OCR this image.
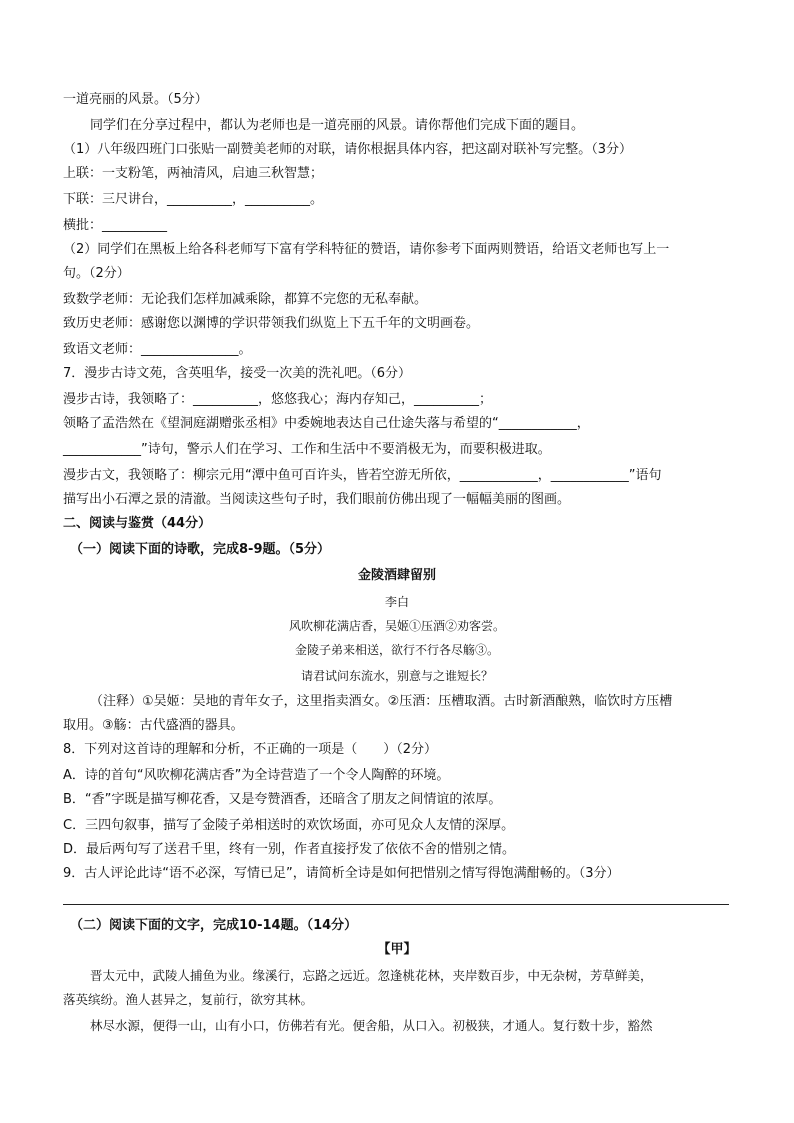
一道亮丽的风景。（5分）
同学们在分享过程中，都认为老师也是一道亮丽的风景。请你帮他们完成下面的题目。
（1）八年级四班门口张贴一副赞美老师的对联，请你根据具体内容，把这副对联补写完整。（3分）
上联：一支粉笔，两袖清风，启迪三秋智慧；
下联：三尺讲台，__________，__________。
横批：__________
（2）同学们在黑板上给各科老师写下富有学科特征的赞语，请你参考下面两则赞语，给语文老师也写上一
句。（2分）
致数学老师：无论我们怎样加减乘除，都算不完您的无私奉献。
致历史老师：感谢您以渊博的学识带领我们纵览上下五千年的文明画卷。
致语文老师：_______________。
7．漫步古诗文苑，含英咀华，接受一次美的洗礼吧。（6分）
漫步古诗，我领略了：__________，悠悠我心；海内存知己，__________；
领略了孟浩然在《望洞庭湖赠张丞相》中委婉地表达自己仕途失落与希望的“____________，
____________”诗句，警示人们在学习、工作和生活中不要消极无为，而要积极进取。
漫步古文，我领略了：柳宗元用“潭中鱼可百许头，皆若空游无所依，____________，____________”语句
描写出小石潭之景的清澈。当阅读这些句子时，我们眼前仿佛出现了一幅幅美丽的图画。
二、阅读与鉴赏（44分）
（一）阅读下面的诗歌，完成8-9题。（5分）
金陵酒肆留别
李白
风吹柳花满店香，吴姬①压酒②劝客尝。
金陵子弟来相送，欲行不行各尽觞③。
请君试问东流水，别意与之谁短长？
（注释）①吴姬：吴地的青年女子，这里指卖酒女。②压酒：压槽取酒。古时新酒酿熟，临饮时方压槽
取用。③觞：古代盛酒的器具。
8．下列对这首诗的理解和分析，不正确的一项是（　　）（2分）
A．诗的首句“风吹柳花满店香”为全诗营造了一个令人陶醉的环境。
B．“香”字既是描写柳花香，又是夸赞酒香，还暗含了朋友之间情谊的浓厚。
C．三四句叙事，描写了金陵子弟相送时的欢饮场面，亦可见众人友情的深厚。
D．最后两句写了送君千里，终有一别，作者直接抒发了依依不舍的惜别之情。
9．古人评论此诗“语不必深，写情已足”，请简析全诗是如何把惜别之情写得饱满酣畅的。（3分）
（二）阅读下面的文字，完成10-14题。（14分）
【甲】
晋太元中，武陵人捕鱼为业。缘溪行，忘路之远近。忽逢桃花林，夹岸数百步，中无杂树，芳草鲜美，
落英缤纷。渔人甚异之，复前行，欲穷其林。
林尽水源，便得一山，山有小口，仿佛若有光。便舍船，从口入。初极狭，才通人。复行数十步，豁然
